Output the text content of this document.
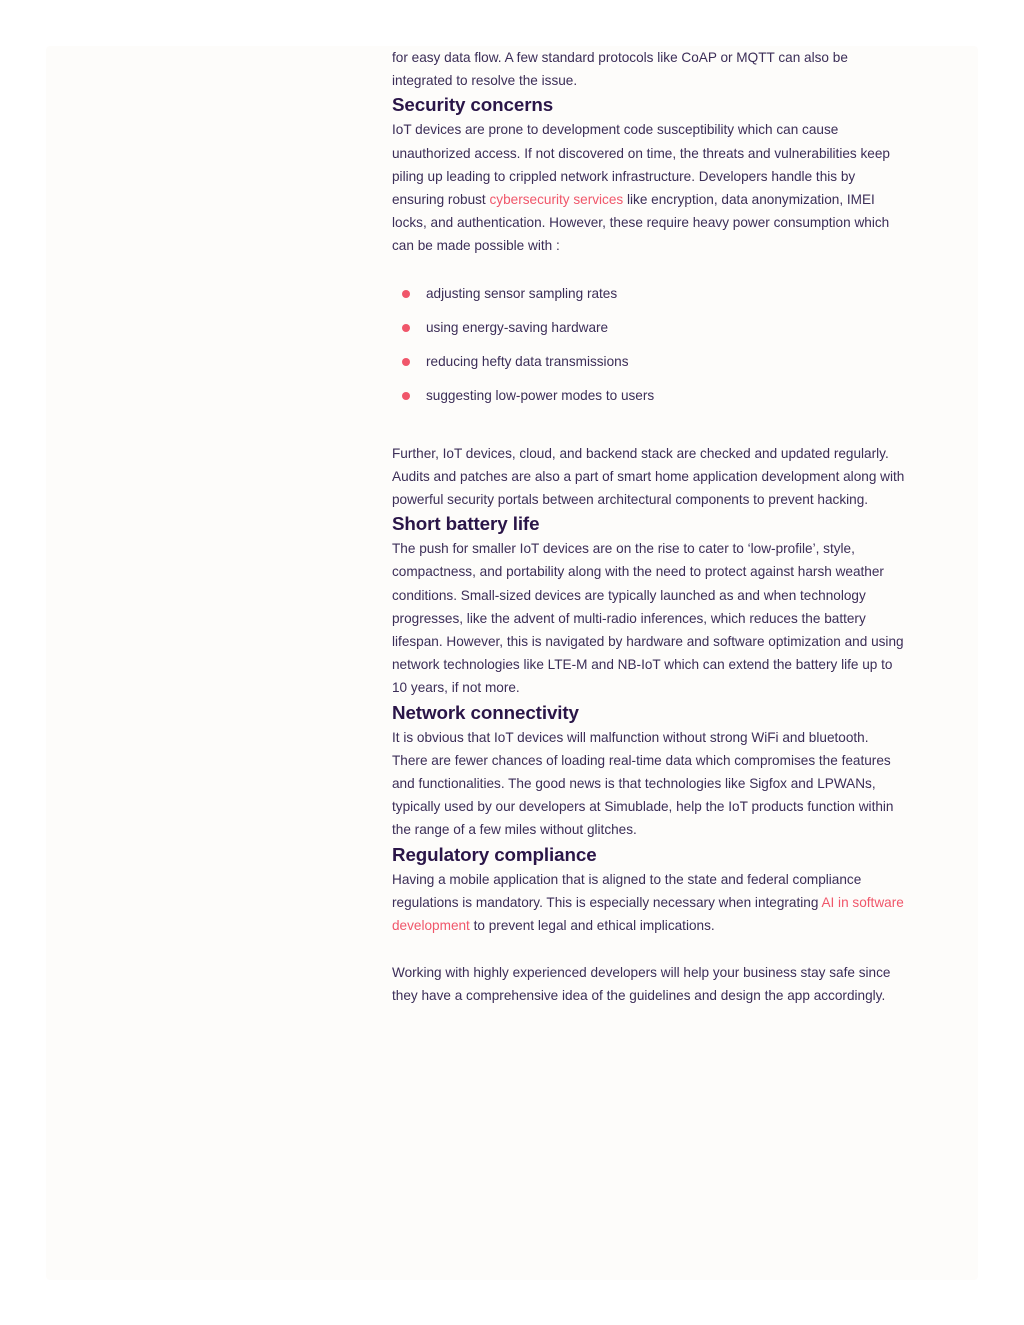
for easy data flow. A few standard protocols like CoAP or MQTT can also be integrated to resolve the issue.

Security concerns

IoT devices are prone to development code susceptibility which can cause unauthorized access. If not discovered on time, the threats and vulnerabilities keep piling up leading to crippled network infrastructure. Developers handle this by ensuring robust cybersecurity services like encryption, data anonymization, IMEI locks, and authentication. However, these require heavy power consumption which can be made possible with :

adjusting sensor sampling rates
using energy-saving hardware
reducing hefty data transmissions
suggesting low-power modes to users

Further, IoT devices, cloud, and backend stack are checked and updated regularly. Audits and patches are also a part of smart home application development along with powerful security portals between architectural components to prevent hacking.

Short battery life

The push for smaller IoT devices are on the rise to cater to ‘low-profile’, style, compactness, and portability along with the need to protect against harsh weather conditions. Small-sized devices are typically launched as and when technology progresses, like the advent of multi-radio inferences, which reduces the battery lifespan. However, this is navigated by hardware and software optimization and using network technologies like LTE-M and NB-IoT which can extend the battery life up to 10 years, if not more.

Network connectivity

It is obvious that IoT devices will malfunction without strong WiFi and bluetooth. There are fewer chances of loading real-time data which compromises the features and functionalities. The good news is that technologies like Sigfox and LPWANs, typically used by our developers at Simublade, help the IoT products function within the range of a few miles without glitches.

Regulatory compliance

Having a mobile application that is aligned to the state and federal compliance regulations is mandatory. This is especially necessary when integrating AI in software development to prevent legal and ethical implications.

Working with highly experienced developers will help your business stay safe since they have a comprehensive idea of the guidelines and design the app accordingly.
